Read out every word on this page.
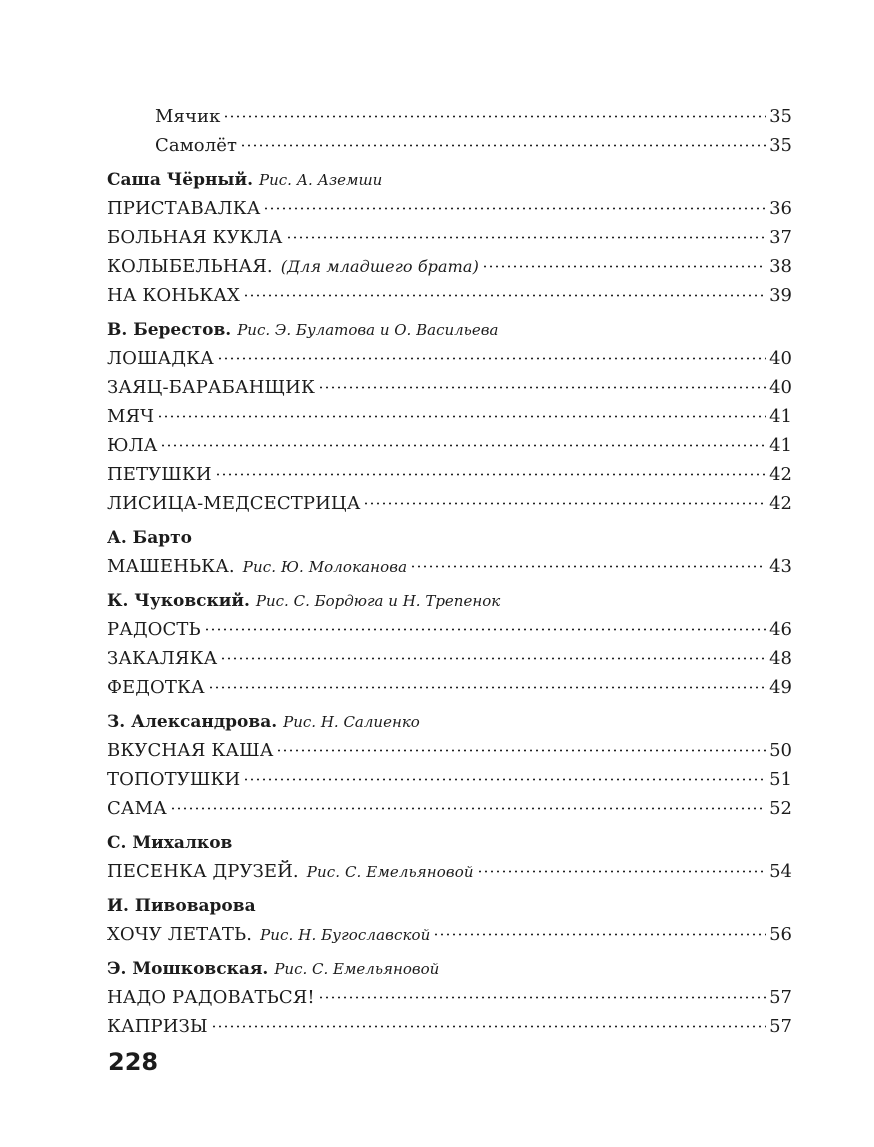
Мячик	35
Самолёт	35
Саша Чёрный. Рис. А. Аземши
ПРИСТАВАЛКА	36
БОЛЬНАЯ КУКЛА	37
КОЛЫБЕЛЬНАЯ. (Для младшего брата)	38
НА КОНЬКАХ	39
В. Берестов. Рис. Э. Булатова и О. Васильева
ЛОШАДКА	40
ЗАЯЦ-БАРАБАНЩИК	40
МЯЧ	41
ЮЛА	41
ПЕТУШКИ	42
ЛИСИЦА-МЕДСЕСТРИЦА	42
А. Барто
МАШЕНЬКА. Рис. Ю. Молоканова	43
К. Чуковский. Рис. С. Бордюга и Н. Трепенок
РАДОСТЬ	46
ЗАКАЛЯКА	48
ФЕДОТКА	49
З. Александрова. Рис. Н. Салиенко
ВКУСНАЯ КАША	50
ТОПОТУШКИ	51
САМА	52
С. Михалков
ПЕСЕНКА ДРУЗЕЙ. Рис. С. Емельяновой	54
И. Пивоварова
ХОЧУ ЛЕТАТЬ. Рис. Н. Бугославской	56
Э. Мошковская. Рис. С. Емельяновой
НАДО РАДОВАТЬСЯ!	57
КАПРИЗЫ	57
228
